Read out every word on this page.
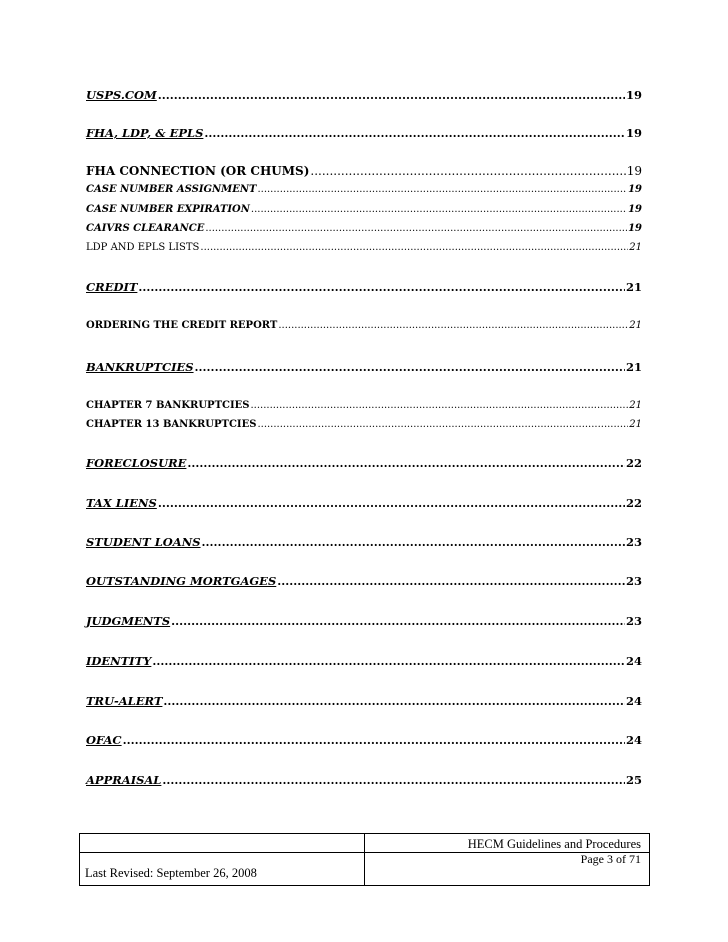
USPS.COM .....	19
FHA, LDP, & EPLS .....	19
FHA CONNECTION (OR CHUMS) .....	19
CASE NUMBER ASSIGNMENT .....	19
CASE NUMBER EXPIRATION .....	19
CAIVRS CLEARANCE .....	19
LDP AND EPLS LISTS .....	21
CREDIT .....	21
ORDERING THE CREDIT REPORT .....	21
BANKRUPTCIES .....	21
CHAPTER 7 BANKRUPTCIES .....	21
CHAPTER 13 BANKRUPTCIES .....	21
FORECLOSURE .....	22
TAX LIENS .....	22
STUDENT LOANS .....	23
OUTSTANDING MORTGAGES .....	23
JUDGMENTS .....	23
IDENTITY .....	24
TRU-ALERT .....	24
OFAC .....	24
APPRAISAL .....	25
HECM Guidelines and Procedures
Last Revised: September 26, 2008
Page 3 of 71
